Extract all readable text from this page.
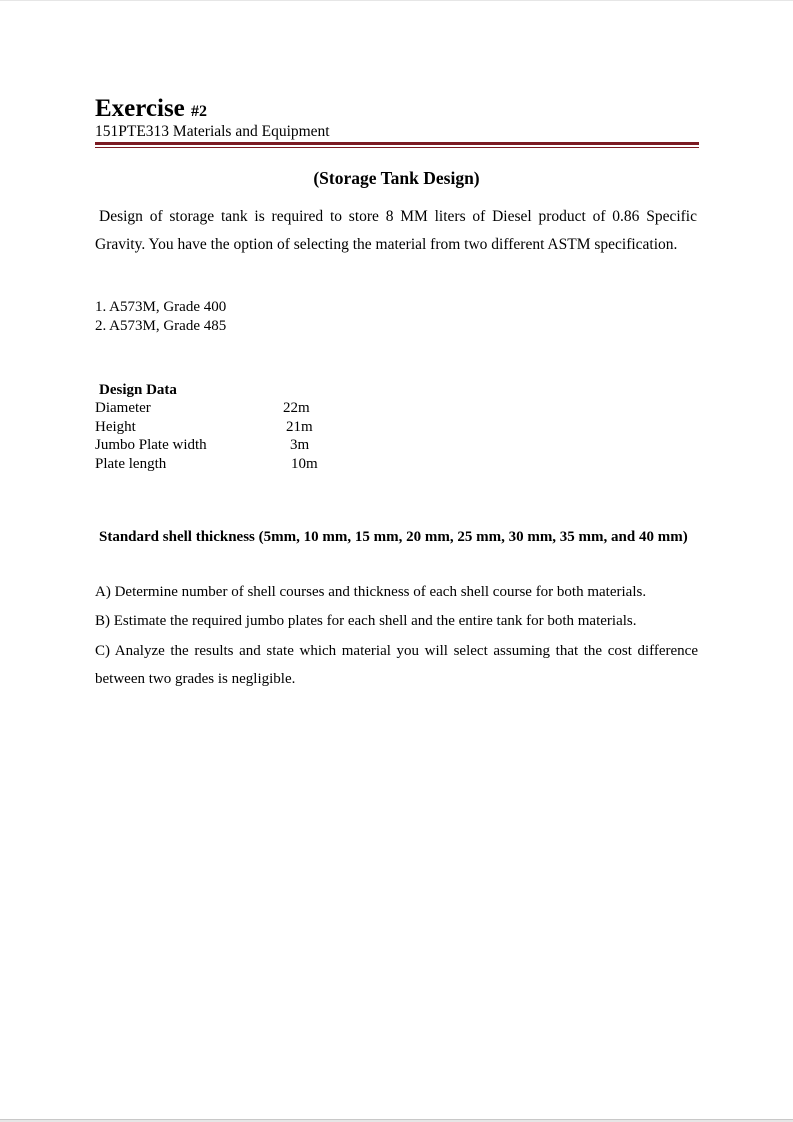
Exercise #2
151PTE313 Materials and Equipment
(Storage Tank Design)
Design of storage tank is required to store 8 MM liters of Diesel product of 0.86 Specific Gravity. You have the option of selecting the material from two different ASTM specification.
1. A573M, Grade 400
2. A573M, Grade 485
Design Data
Diameter	22m
Height	21m
Jumbo Plate width	3m
Plate length	10m
Standard shell thickness (5mm, 10 mm, 15 mm, 20 mm, 25 mm, 30 mm, 35 mm, and 40 mm)
A) Determine number of shell courses and thickness of each shell course for both materials.
B) Estimate the required jumbo plates for each shell and the entire tank for both materials.
C) Analyze the results and state which material you will select assuming that the cost difference between two grades is negligible.
